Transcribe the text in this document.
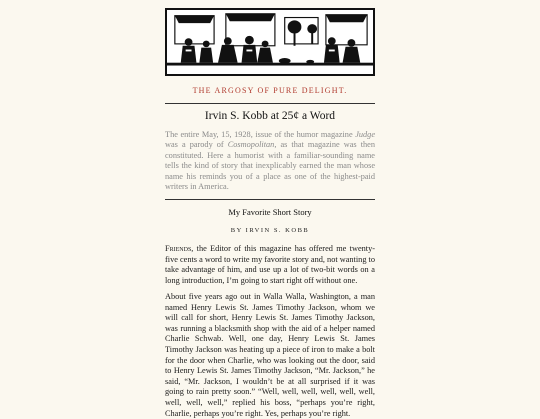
THE ARGOSY OF PURE DELIGHT.
Irvin S. Kobb at 25¢ a Word
The entire May, 15, 1928, issue of the humor magazine Judge was a parody of Cosmopolitan, as that magazine was then constituted. Here a humorist with a familiar-sounding name tells the kind of story that inexplicably earned the man whose name his reminds you of a place as one of the highest-paid writers in America.
My Favorite Short Story
BY IRVIN S. KOBB
Friends, the Editor of this magazine has offered me twenty-five cents a word to write my favorite story and, not wanting to take advantage of him, and use up a lot of two-bit words on a long introduction, I’m going to start right off without one.
About five years ago out in Walla Walla, Washington, a man named Henry Lewis St. James Timothy Jackson, whom we will call for short, Henry Lewis St. James Timothy Jackson, was running a blacksmith shop with the aid of a helper named Charlie Schwab. Well, one day, Henry Lewis St. James Timothy Jackson was heating up a piece of iron to make a bolt for the door when Charlie, who was looking out the door, said to Henry Lewis St. James Timothy Jackson, “Mr. Jackson,” he said, “Mr. Jackson, I wouldn’t be at all surprised if it was going to rain pretty soon.” “Well, well, well, well, well, well, well, well, well,” replied his boss, “perhaps you’re right, Charlie, perhaps you’re right. Yes, perhaps you’re right.
